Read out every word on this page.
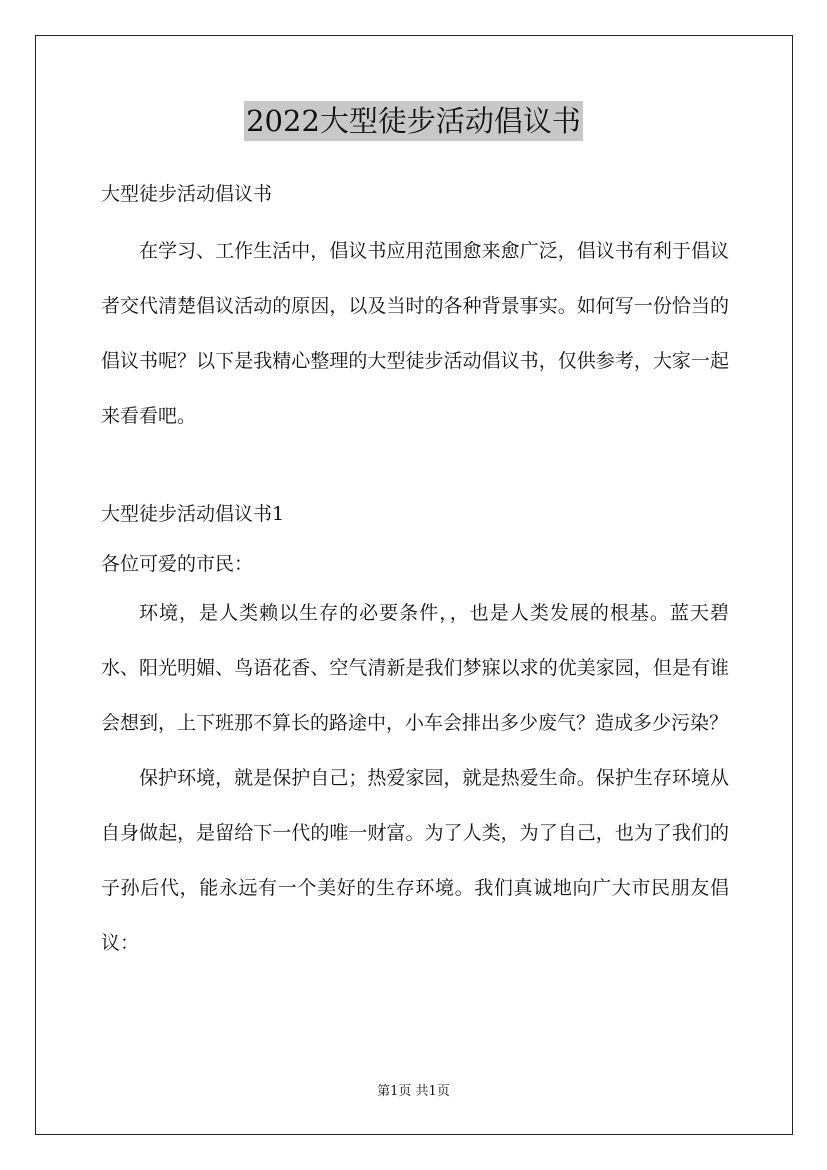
2022大型徒步活动倡议书

大型徒步活动倡议书

在学习、工作生活中，倡议书应用范围愈来愈广泛，倡议书有利于倡议者交代清楚倡议活动的原因，以及当时的各种背景事实。如何写一份恰当的倡议书呢？以下是我精心整理的大型徒步活动倡议书，仅供参考，大家一起来看看吧。

大型徒步活动倡议书1

各位可爱的市民：

环境，是人类赖以生存的必要条件，，也是人类发展的根基。蓝天碧水、阳光明媚、鸟语花香、空气清新是我们梦寐以求的优美家园，但是有谁会想到，上下班那不算长的路途中，小车会排出多少废气？造成多少污染？

保护环境，就是保护自己；热爱家园，就是热爱生命。保护生存环境从自身做起，是留给下一代的唯一财富。为了人类，为了自己，也为了我们的子孙后代，能永远有一个美好的生存环境。我们真诚地向广大市民朋友倡议：

第1页 共1页
